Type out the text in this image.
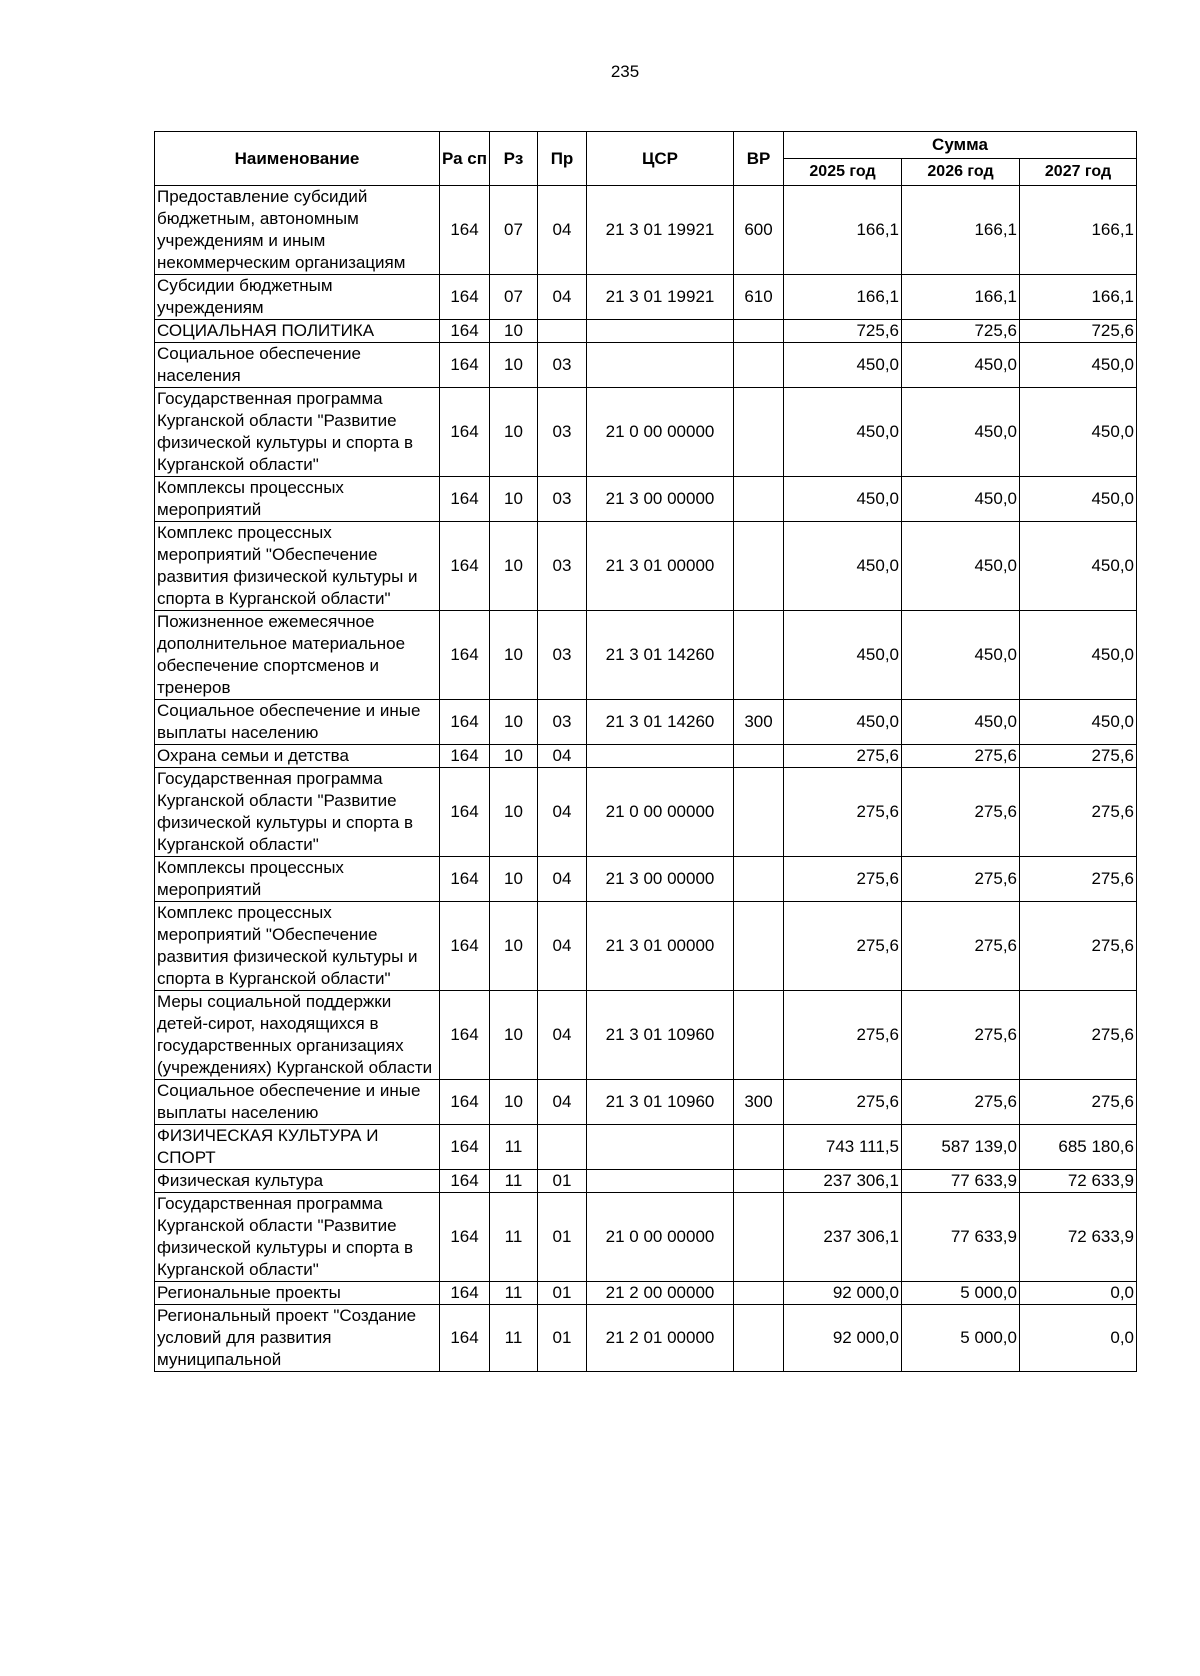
235
Наименование	Ра сп	Рз	Пр	ЦСР	ВР	Сумма		
						2025 год	2026 год	2027 год
Предоставление субсидий бюджетным, автономным учреждениям и иным некоммерческим организациям	164	07	04	21 3 01 19921	600	166,1	166,1	166,1
Субсидии бюджетным учреждениям	164	07	04	21 3 01 19921	610	166,1	166,1	166,1
СОЦИАЛЬНАЯ ПОЛИТИКА	164	10				725,6	725,6	725,6
Социальное обеспечение населения	164	10	03			450,0	450,0	450,0
Государственная программа Курганской области "Развитие физической культуры и спорта в Курганской области"	164	10	03	21 0 00 00000		450,0	450,0	450,0
Комплексы процессных мероприятий	164	10	03	21 3 00 00000		450,0	450,0	450,0
Комплекс процессных мероприятий "Обеспечение развития физической культуры и спорта в Курганской области"	164	10	03	21 3 01 00000		450,0	450,0	450,0
Пожизненное ежемесячное дополнительное материальное обеспечение спортсменов и тренеров	164	10	03	21 3 01 14260		450,0	450,0	450,0
Социальное обеспечение и иные выплаты населению	164	10	03	21 3 01 14260	300	450,0	450,0	450,0
Охрана семьи и детства	164	10	04			275,6	275,6	275,6
Государственная программа Курганской области "Развитие физической культуры и спорта в Курганской области"	164	10	04	21 0 00 00000		275,6	275,6	275,6
Комплексы процессных мероприятий	164	10	04	21 3 00 00000		275,6	275,6	275,6
Комплекс процессных мероприятий "Обеспечение развития физической культуры и спорта в Курганской области"	164	10	04	21 3 01 00000		275,6	275,6	275,6
Меры социальной поддержки детей-сирот, находящихся в государственных организациях (учреждениях) Курганской области	164	10	04	21 3 01 10960		275,6	275,6	275,6
Социальное обеспечение и иные выплаты населению	164	10	04	21 3 01 10960	300	275,6	275,6	275,6
ФИЗИЧЕСКАЯ КУЛЬТУРА И СПОРТ	164	11				743 111,5	587 139,0	685 180,6
Физическая культура	164	11	01			237 306,1	77 633,9	72 633,9
Государственная программа Курганской области "Развитие физической культуры и спорта в Курганской области"	164	11	01	21 0 00 00000		237 306,1	77 633,9	72 633,9
Региональные проекты	164	11	01	21 2 00 00000		92 000,0	5 000,0	0,0
Региональный проект "Создание условий для развития муниципальной	164	11	01	21 2 01 00000		92 000,0	5 000,0	0,0
